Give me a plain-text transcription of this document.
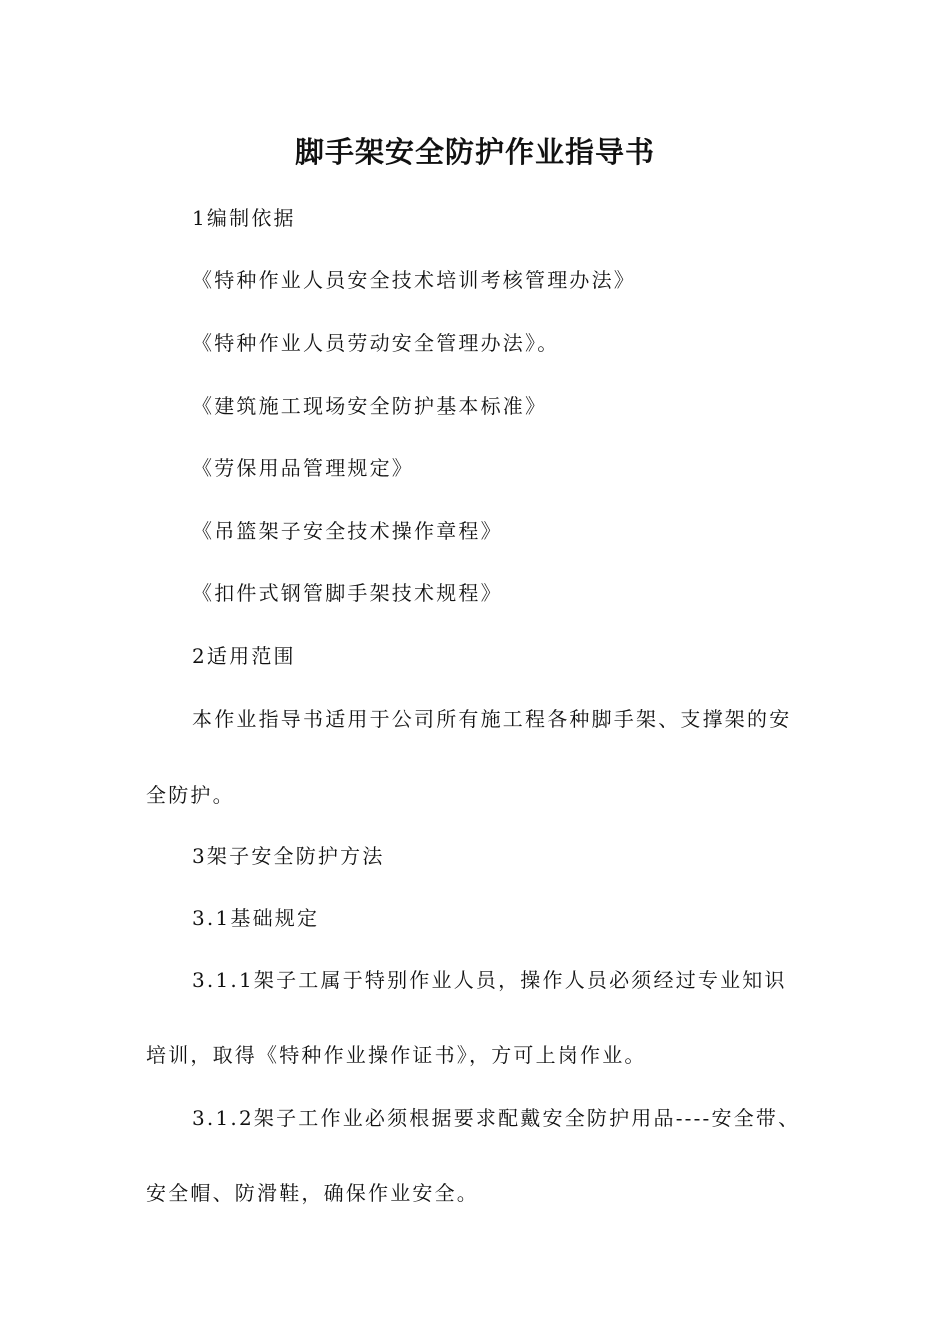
脚手架安全防护作业指导书
1编制依据
《特种作业人员安全技术培训考核管理办法》
《特种作业人员劳动安全管理办法》。
《建筑施工现场安全防护基本标准》
《劳保用品管理规定》
《吊篮架子安全技术操作章程》
《扣件式钢管脚手架技术规程》
2适用范围
本作业指导书适用于公司所有施工程各种脚手架、支撑架的安
全防护。
3架子安全防护方法
3.1基础规定
3.1.1架子工属于特别作业人员，操作人员必须经过专业知识
培训，取得《特种作业操作证书》，方可上岗作业。
3.1.2架子工作业必须根据要求配戴安全防护用品----安全带、
安全帽、防滑鞋，确保作业安全。
